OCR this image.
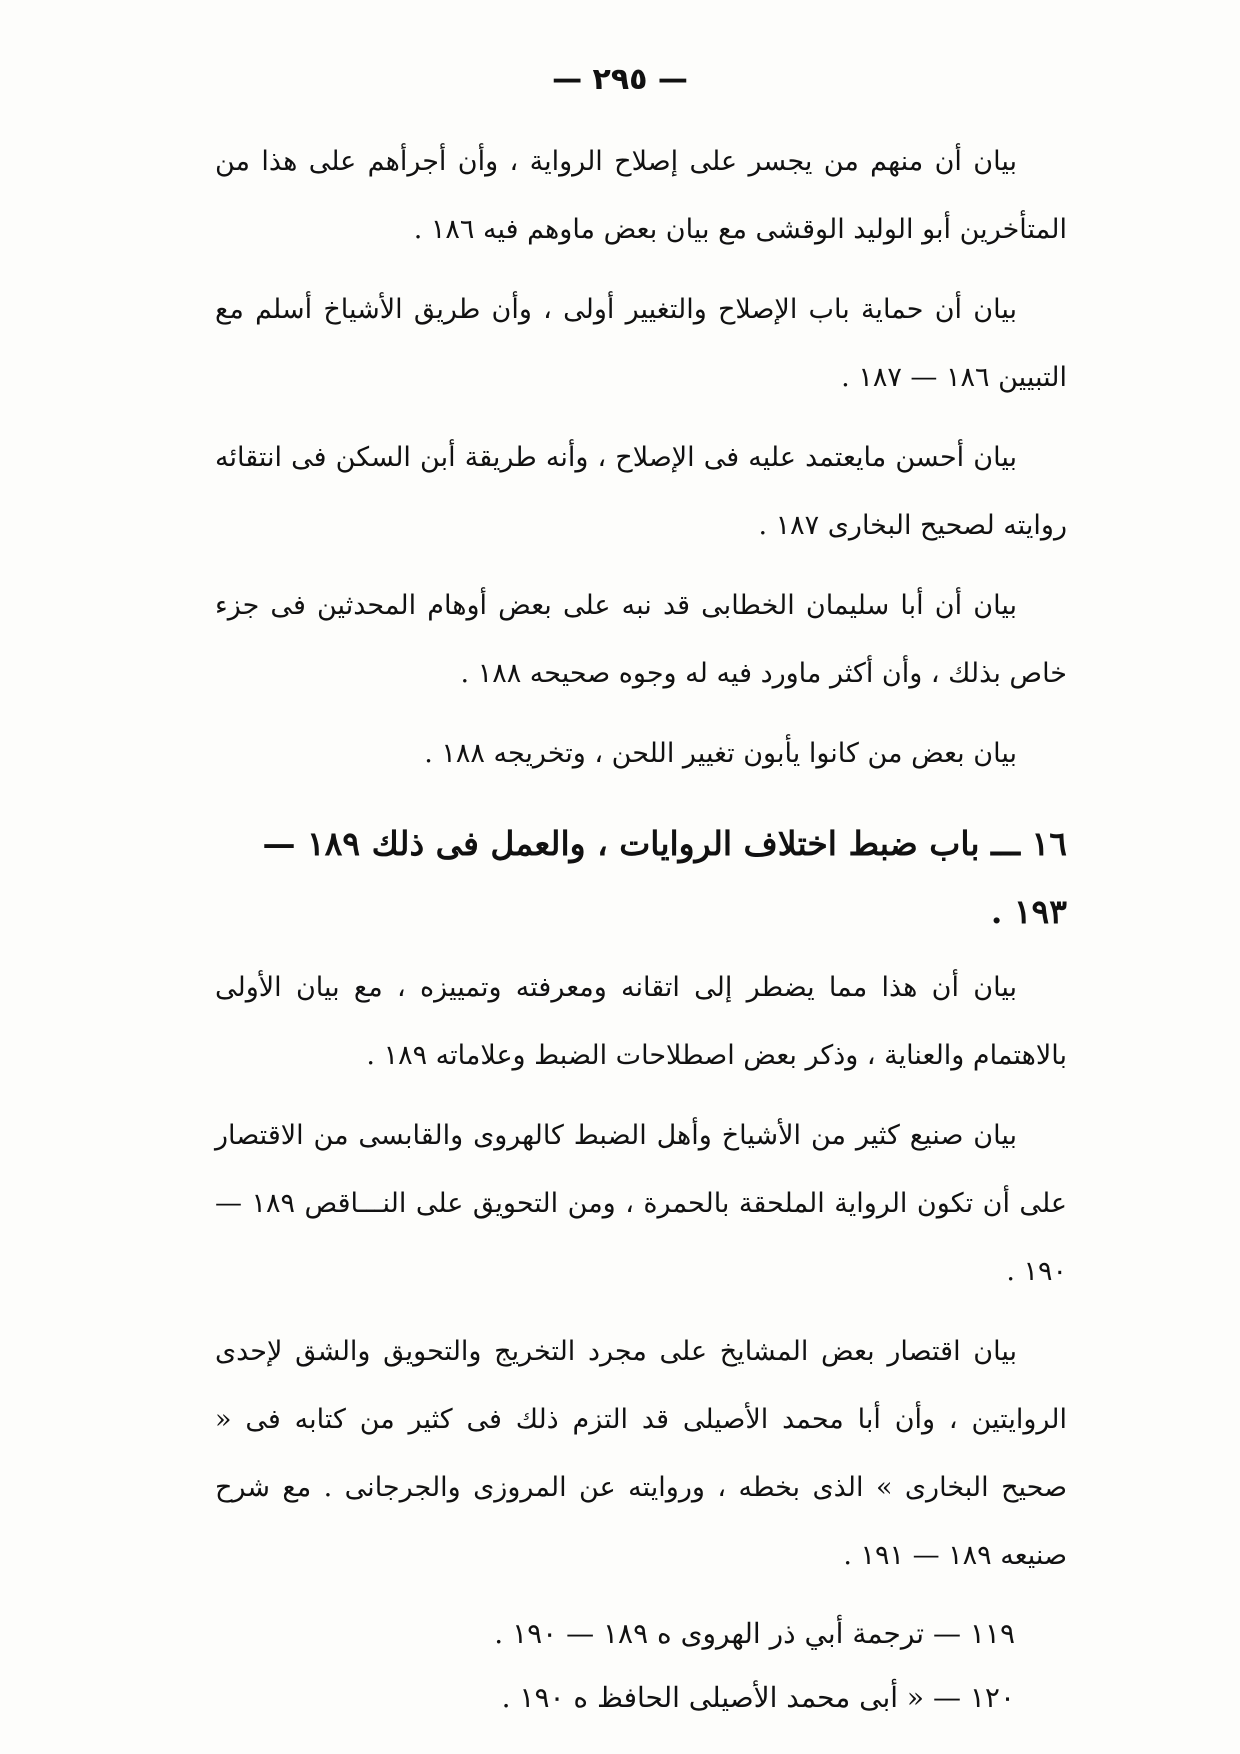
— ٢٩٥ —

بيان أن منهم من يجسر على إصلاح الرواية ، وأن أجرأهم على هذا من المتأخرين أبو الوليد الوقشى مع بيان بعض ماوهم فيه ١٨٦ .

بيان أن حماية باب الإصلاح والتغيير أولى ، وأن طريق الأشياخ أسلم مع التبيين ١٨٦ — ١٨٧ .

بيان أحسن مايعتمد عليه فى الإصلاح ، وأنه طريقة أبن السكن فى انتقائه روايته لصحيح البخارى ١٨٧ .

بيان أن أبا سليمان الخطابى قد نبه على بعض أوهام المحدثين فى جزء خاص بذلك ، وأن أكثر ماورد فيه له وجوه صحيحه ١٨٨ .

بيان بعض من كانوا يأبون تغيير اللحن ، وتخريجه ١٨٨ .

١٦ ـــ باب ضبط اختلاف الروايات ، والعمل فى ذلك ١٨٩ — ١٩٣ .

بيان أن هذا مما يضطر إلى اتقانه ومعرفته وتمييزه ، مع بيان الأولى بالاهتمام والعناية ، وذكر بعض اصطلاحات الضبط وعلاماته ١٨٩ .

بيان صنيع كثير من الأشياخ وأهل الضبط كالهروى والقابسى من الاقتصار على أن تكون الرواية الملحقة بالحمرة ، ومن التحويق على النـــاقص ١٨٩ — ١٩٠ .

بيان اقتصار بعض المشايخ على مجرد التخريج والتحويق والشق لإحدى الروايتين ، وأن أبا محمد الأصيلى قد التزم ذلك فى كثير من كتابه فى « صحيح البخارى » الذى بخطه ، وروايته عن المروزى والجرجانى . مع شرح صنيعه ١٨٩ — ١٩١ .

١١٩ — ترجمة أبي ذر الهروى ه ١٨٩ — ١٩٠ .

١٢٠ — « أبى محمد الأصيلى الحافظ ه ١٩٠ .
